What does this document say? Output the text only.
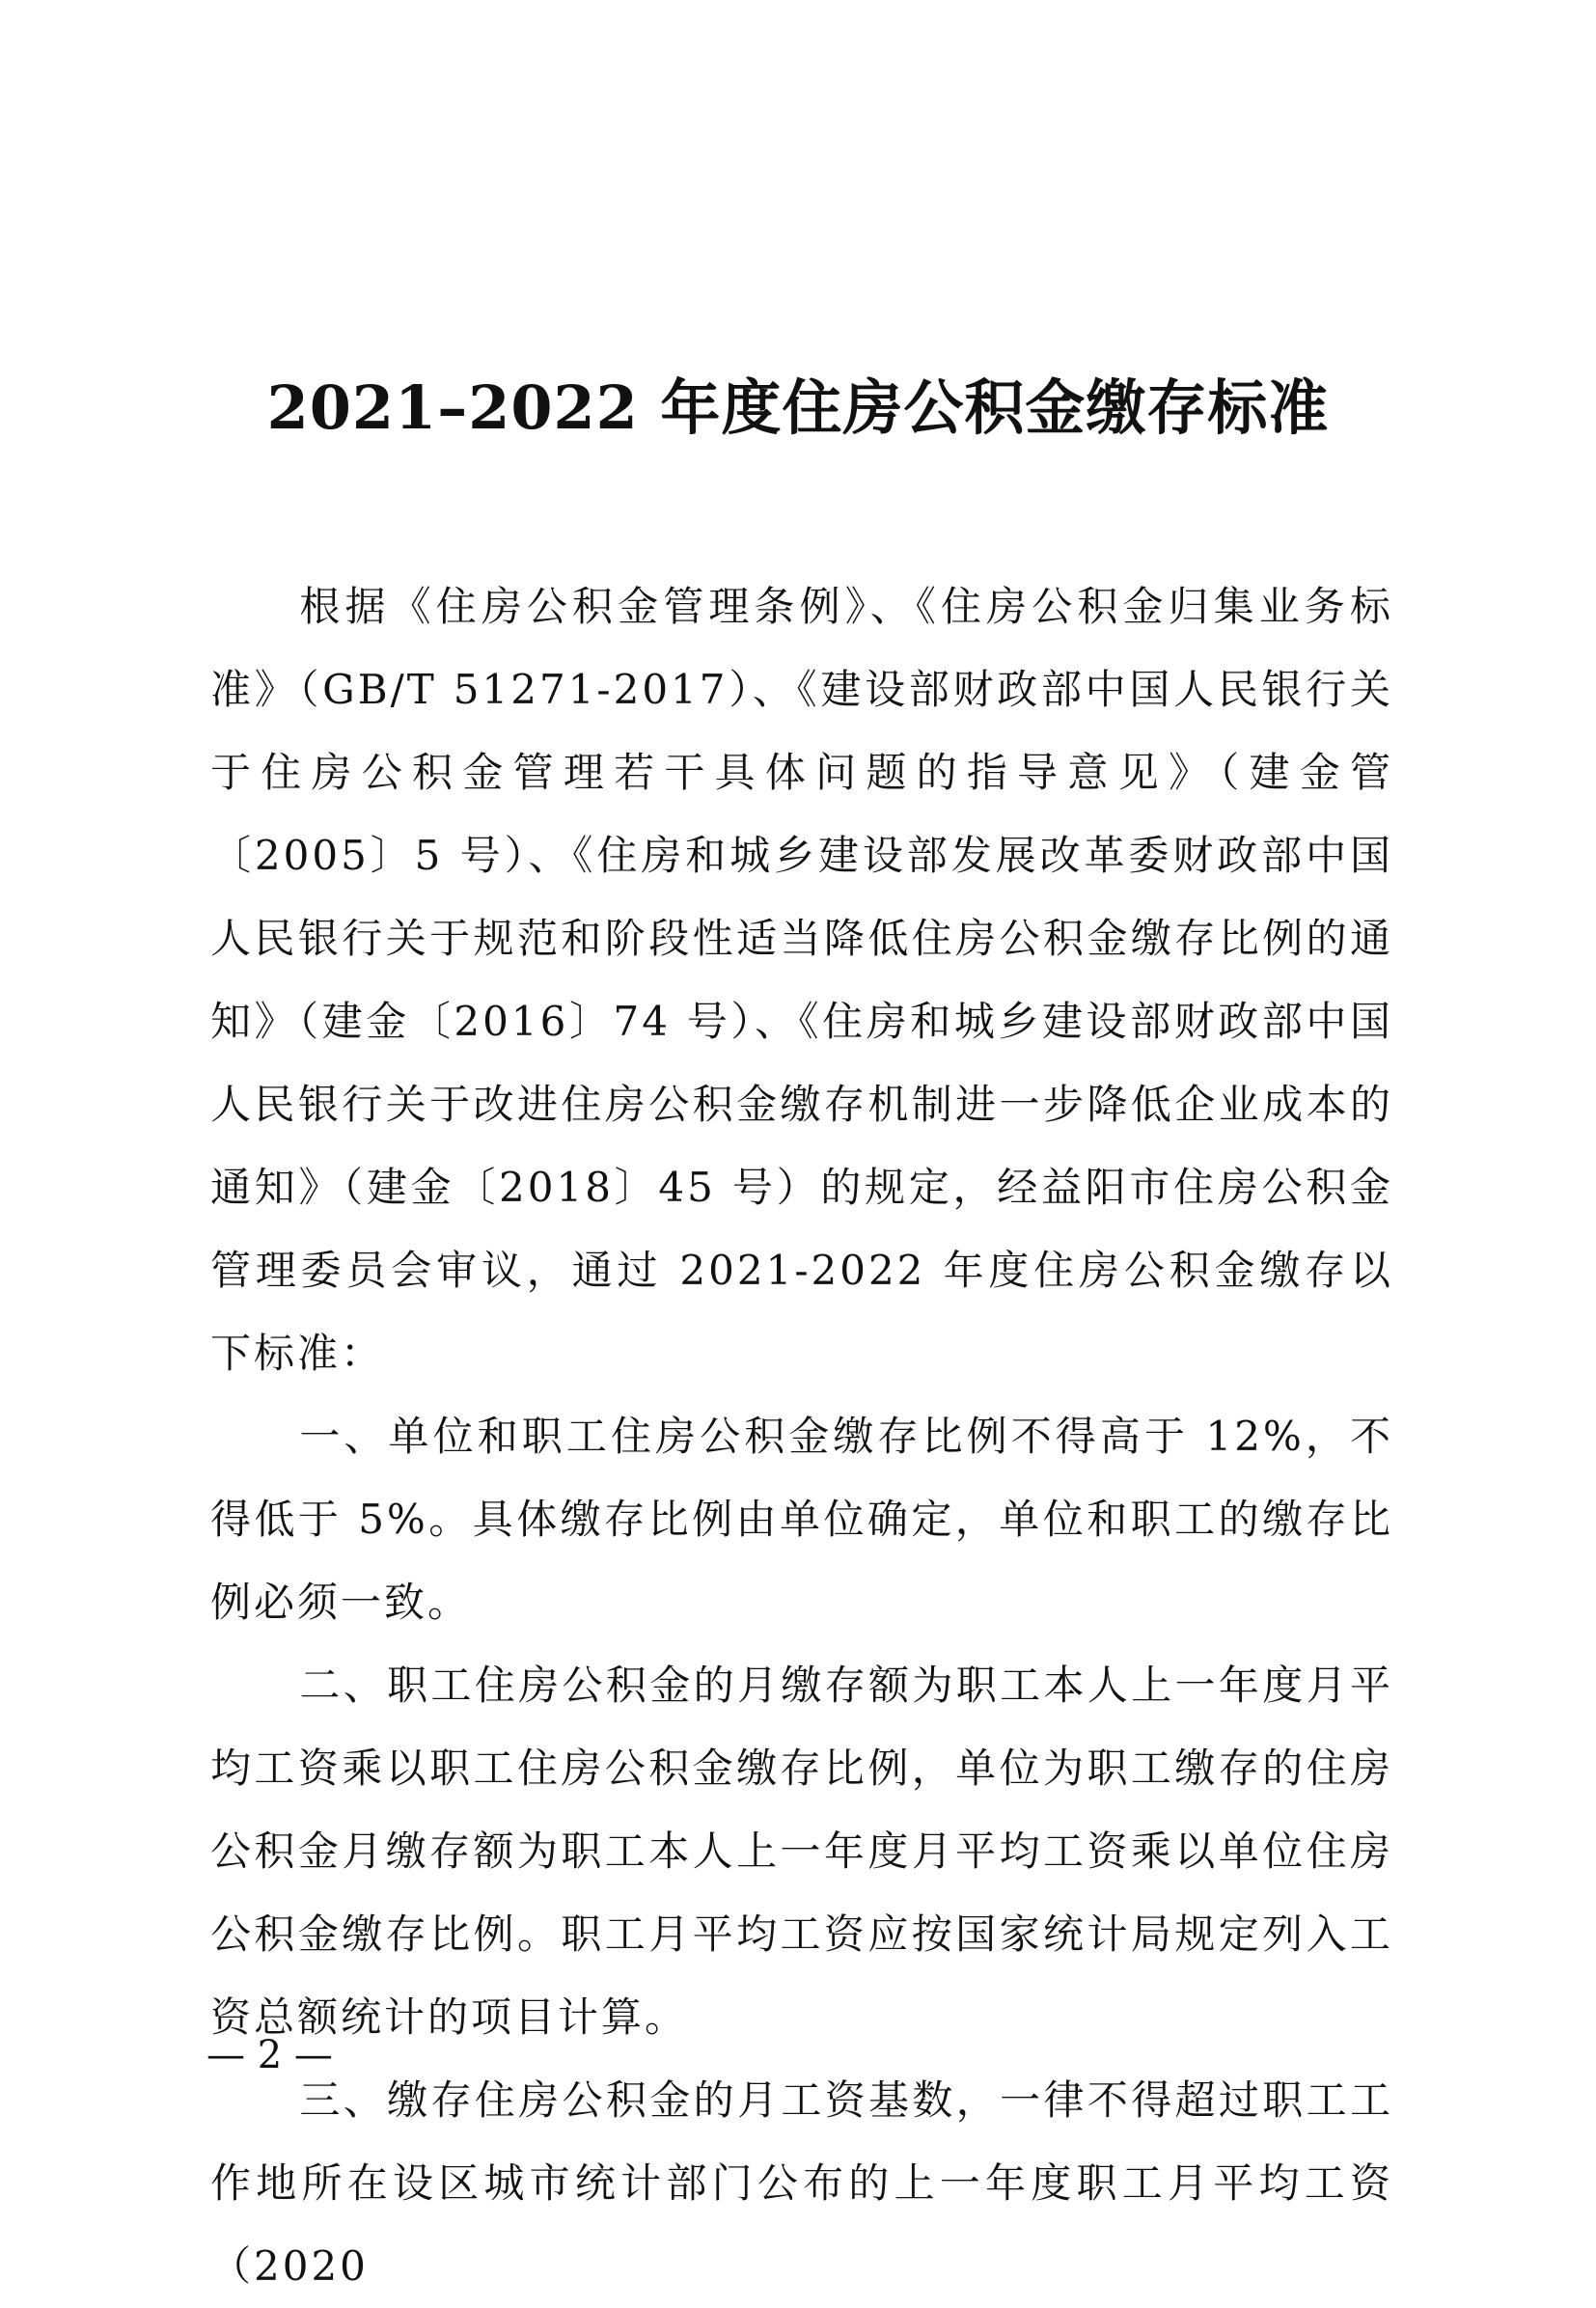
2021–2022 年度住房公积金缴存标准

根据《住房公积金管理条例》、《住房公积金归集业务标准》（GB/T 51271-2017）、《建设部财政部中国人民银行关于住房公积金管理若干具体问题的指导意见》（建金管〔2005〕5 号）、《住房和城乡建设部发展改革委财政部中国人民银行关于规范和阶段性适当降低住房公积金缴存比例的通知》（建金〔2016〕74 号）、《住房和城乡建设部财政部中国人民银行关于改进住房公积金缴存机制进一步降低企业成本的通知》（建金〔2018〕45 号）的规定，经益阳市住房公积金管理委员会审议，通过 2021-2022 年度住房公积金缴存以下标准：

一、单位和职工住房公积金缴存比例不得高于 12%，不得低于 5%。具体缴存比例由单位确定，单位和职工的缴存比例必须一致。

二、职工住房公积金的月缴存额为职工本人上一年度月平均工资乘以职工住房公积金缴存比例，单位为职工缴存的住房公积金月缴存额为职工本人上一年度月平均工资乘以单位住房公积金缴存比例。职工月平均工资应按国家统计局规定列入工资总额统计的项目计算。

三、缴存住房公积金的月工资基数，一律不得超过职工工作地所在设区城市统计部门公布的上一年度职工月平均工资（2020

— 2 —
